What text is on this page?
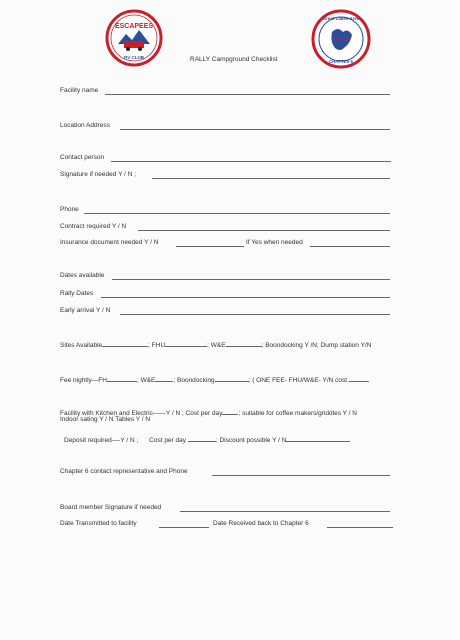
ESCAPEES
RV CLUB
Great Lakes Area
S K P
CHAPTER 6
RALLY Campground Checklist
Facility name
Location Address
Contact person
Signature if needed Y / N ;
Phone
Contract required Y / N
Insurance document needed Y / N	If Yes when needed
Dates available
Rally Dates
Early arrival Y / N
Sites Available	; FHU	; W&E	; Boondocking Y /N; Dump station Y/N
Fee nightly—FH	; W&E	; Boondocking	; ( ONE FEE- FHU/W&E- Y/N cost
Facility with Kitchen and Electric——Y / N ; Cost per day ; suitable for coffee makers/griddles Y / N
Indoor sating Y / N Tables Y / N
Deposit required—-Y / N ; Cost per day	; Discount possible Y / N
Chapter 6 contact representative and Phone
Board member Signature if needed
Date Transmitted to facility	Date Received back to Chapter 6
